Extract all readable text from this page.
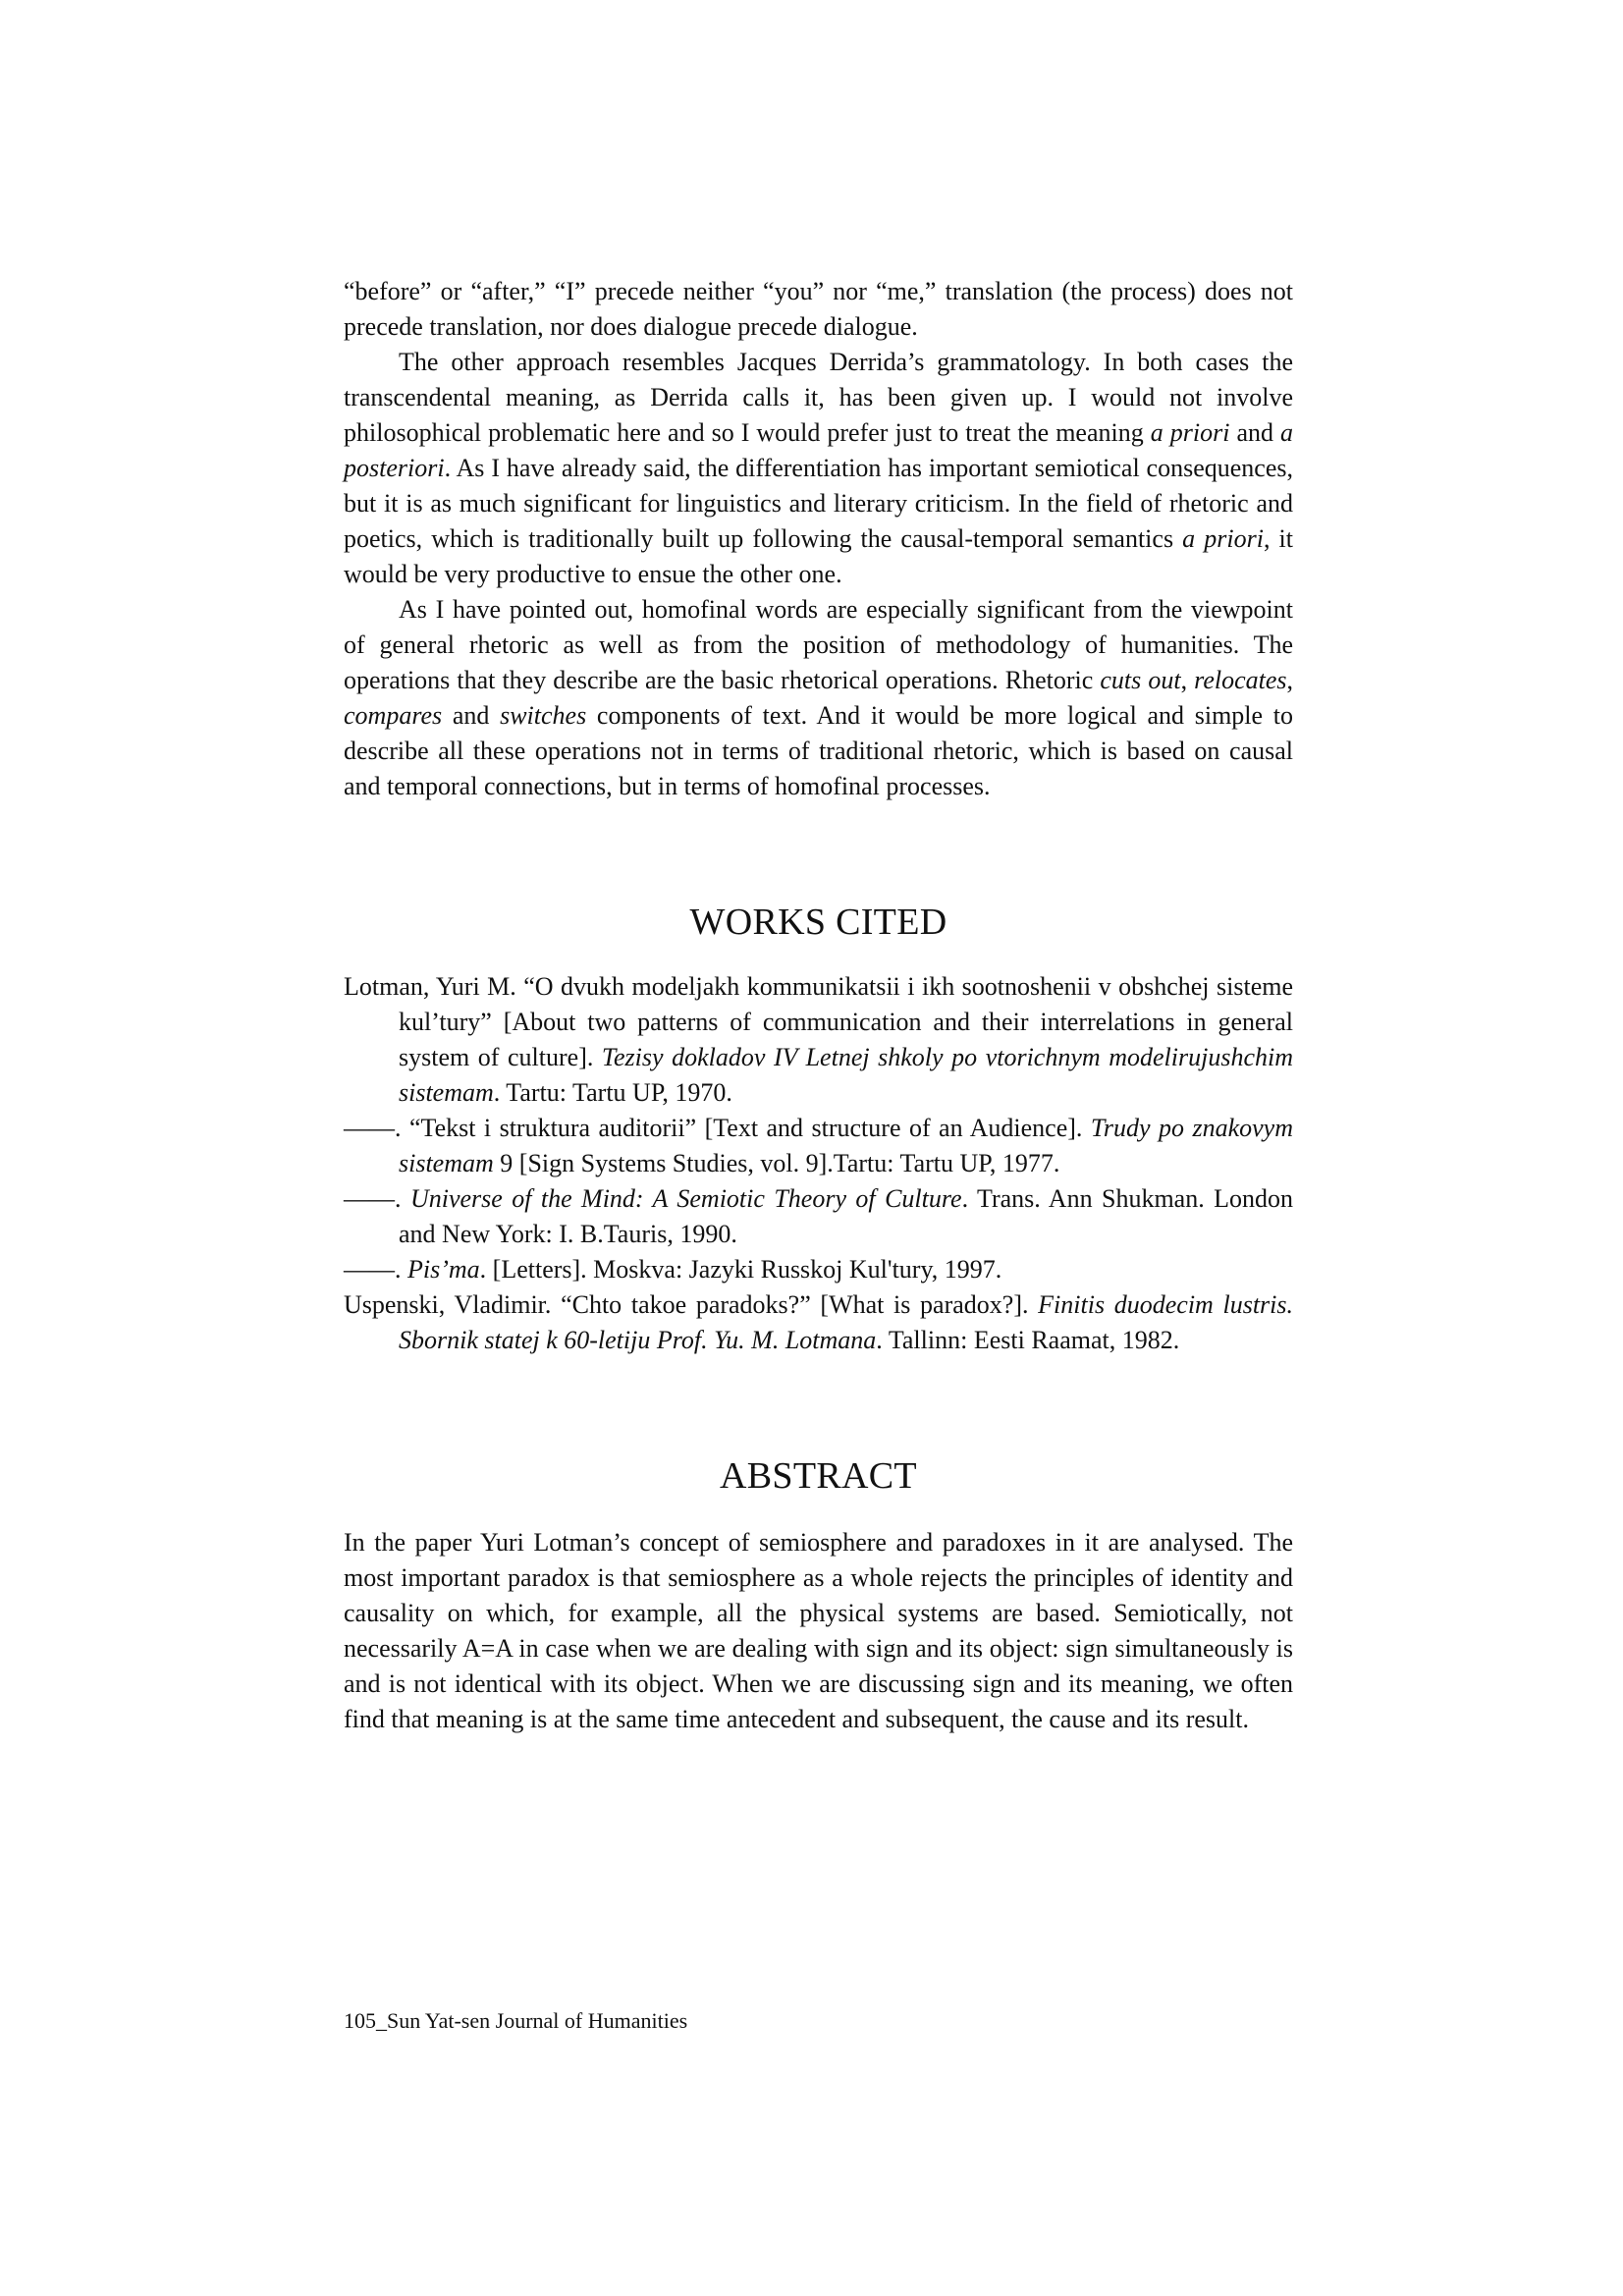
“before” or “after,” “I” precede neither “you” nor “me,” translation (the process) does not precede translation, nor does dialogue precede dialogue.

The other approach resembles Jacques Derrida’s grammatology. In both cases the transcendental meaning, as Derrida calls it, has been given up. I would not involve philosophical problematic here and so I would prefer just to treat the meaning a priori and a posteriori. As I have already said, the differentiation has important semiotical consequences, but it is as much significant for linguistics and literary criticism. In the field of rhetoric and poetics, which is traditionally built up following the causal-temporal semantics a priori, it would be very productive to ensue the other one.

As I have pointed out, homofinal words are especially significant from the viewpoint of general rhetoric as well as from the position of methodology of humanities. The operations that they describe are the basic rhetorical operations. Rhetoric cuts out, relocates, compares and switches components of text. And it would be more logical and simple to describe all these operations not in terms of traditional rhetoric, which is based on causal and temporal connections, but in terms of homofinal processes.

WORKS CITED
Lotman, Yuri M. “O dvukh modeljakh kommunikatsii i ikh sootnoshenii v obshchej sisteme kul’tury” [About two patterns of communication and their interrelations in general system of culture]. Tezisy dokladov IV Letnej shkoly po vtorichnym modelirujushchim sistemam. Tartu: Tartu UP, 1970.
——. “Tekst i struktura auditorii” [Text and structure of an Audience]. Trudy po znakovym sistemam 9 [Sign Systems Studies, vol. 9].Tartu: Tartu UP, 1977.
——. Universe of the Mind: A Semiotic Theory of Culture. Trans. Ann Shukman. London and New York: I. B.Tauris, 1990.
——. Pis’ma. [Letters]. Moskva: Jazyki Russkoj Kul'tury, 1997.
Uspenski, Vladimir. “Chto takoe paradoks?” [What is paradox?]. Finitis duodecim lustris. Sbornik statej k 60-letiju Prof. Yu. M. Lotmana. Tallinn: Eesti Raamat, 1982.
ABSTRACT

In the paper Yuri Lotman’s concept of semiosphere and paradoxes in it are analysed. The most important paradox is that semiosphere as a whole rejects the principles of identity and causality on which, for example, all the physical systems are based. Semiotically, not necessarily A=A in case when we are dealing with sign and its object: sign simultaneously is and is not identical with its object. When we are discussing sign and its meaning, we often find that meaning is at the same time antecedent and subsequent, the cause and its result.

105_Sun Yat-sen Journal of Humanities
